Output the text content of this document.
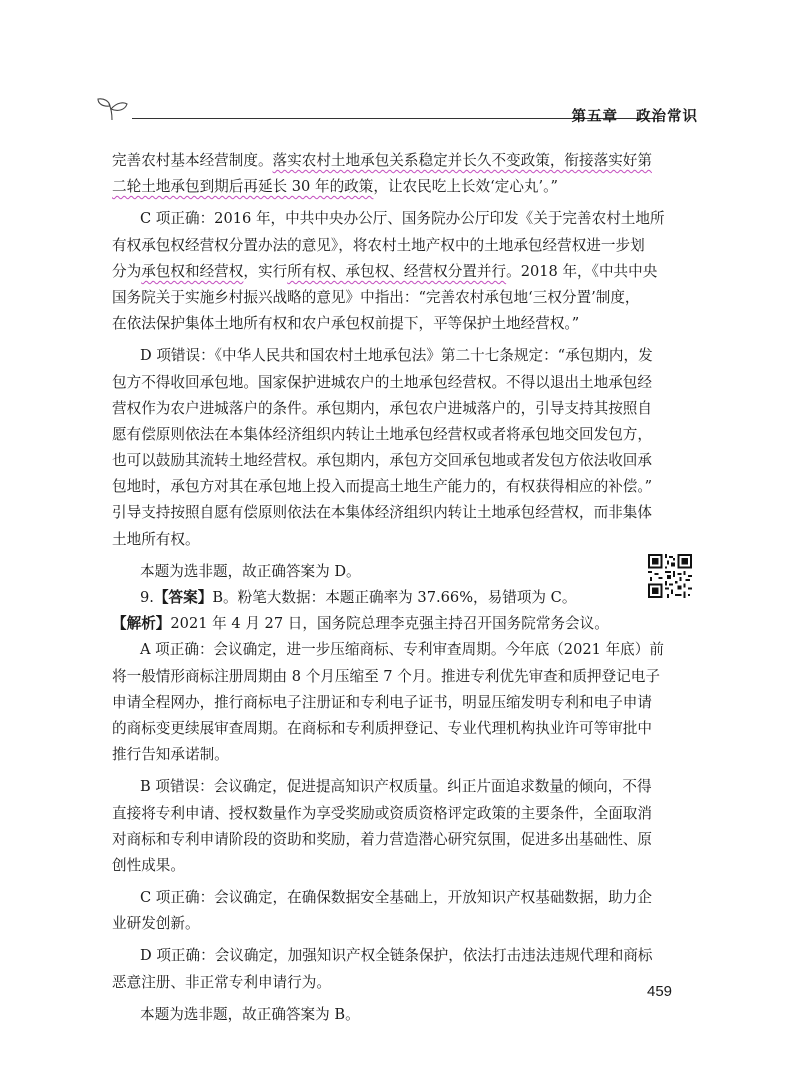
第五章 政治常识
完善农村基本经营制度。落实农村土地承包关系稳定并长久不变政策，衔接落实好第
二轮土地承包到期后再延长 30 年的政策，让农民吃上长效‘定心丸’。”
C 项正确：2016 年，中共中央办公厅、国务院办公厅印发《关于完善农村土地所
有权承包权经营权分置办法的意见》，将农村土地产权中的土地承包经营权进一步划
分为承包权和经营权，实行所有权、承包权、经营权分置并行。2018 年，《中共中央
国务院关于实施乡村振兴战略的意见》中指出：“完善农村承包地‘三权分置’制度，
在依法保护集体土地所有权和农户承包权前提下，平等保护土地经营权。”
D 项错误：《中华人民共和国农村土地承包法》第二十七条规定：“承包期内，发
包方不得收回承包地。国家保护进城农户的土地承包经营权。不得以退出土地承包经
营权作为农户进城落户的条件。承包期内，承包农户进城落户的，引导支持其按照自
愿有偿原则依法在本集体经济组织内转让土地承包经营权或者将承包地交回发包方，
也可以鼓励其流转土地经营权。承包期内，承包方交回承包地或者发包方依法收回承
包地时，承包方对其在承包地上投入而提高土地生产能力的，有权获得相应的补偿。”
引导支持按照自愿有偿原则依法在本集体经济组织内转让土地承包经营权，而非集体
土地所有权。
本题为选非题，故正确答案为 D。
9.【答案】B。粉笔大数据：本题正确率为 37.66%，易错项为 C。
【解析】2021 年 4 月 27 日，国务院总理李克强主持召开国务院常务会议。
A 项正确：会议确定，进一步压缩商标、专利审查周期。今年底（2021 年底）前
将一般情形商标注册周期由 8 个月压缩至 7 个月。推进专利优先审查和质押登记电子
申请全程网办，推行商标电子注册证和专利电子证书，明显压缩发明专利和电子申请
的商标变更续展审查周期。在商标和专利质押登记、专业代理机构执业许可等审批中
推行告知承诺制。
B 项错误：会议确定，促进提高知识产权质量。纠正片面追求数量的倾向，不得
直接将专利申请、授权数量作为享受奖励或资质资格评定政策的主要条件，全面取消
对商标和专利申请阶段的资助和奖励，着力营造潜心研究氛围，促进多出基础性、原
创性成果。
C 项正确：会议确定，在确保数据安全基础上，开放知识产权基础数据，助力企
业研发创新。
D 项正确：会议确定，加强知识产权全链条保护，依法打击违法违规代理和商标
恶意注册、非正常专利申请行为。
本题为选非题，故正确答案为 B。
459
